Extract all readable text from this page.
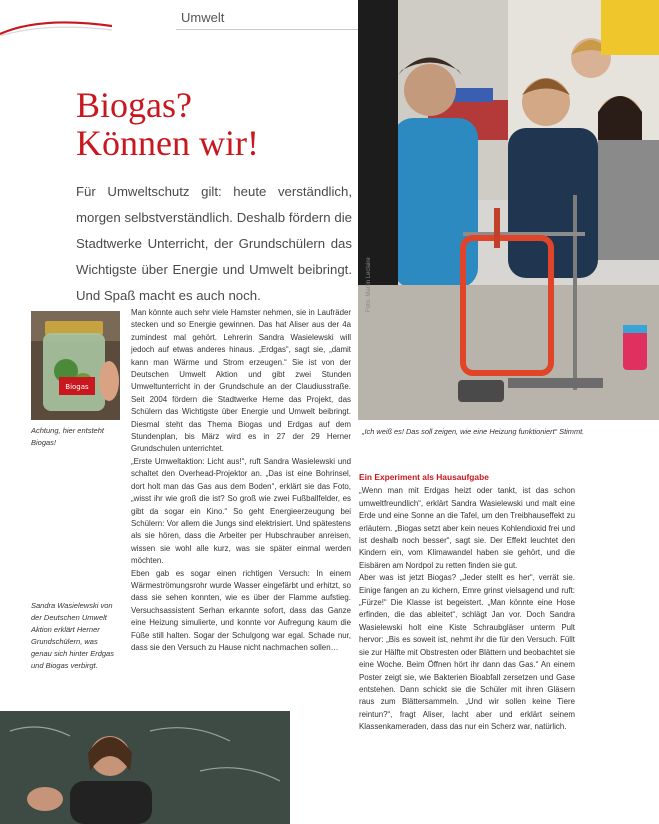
Umwelt
Biogas?
Können wir!
Für Umweltschutz gilt: heute verständlich, morgen selbstverständlich. Deshalb fördern die Stadtwerke Unterricht, der Grundschülern das Wichtigste über Energie und Umwelt beibringt. Und Spaß macht es auch noch.	Foto: Martin Leclaire
„Ich weiß es! Das soll zeigen, wie eine Heizung funktioniert“ Stimmt.
Biogas
Achtung, hier entsteht Biogas!
Sandra Wasielewski von der Deutschen Umwelt Aktion erklärt Herner Grundschülern, was genau sich hinter Erdgas und Biogas verbirgt.

Man könnte auch sehr viele Hamster nehmen, sie in Laufräder stecken und so Energie gewinnen. Das hat Aliser aus der 4a zumindest mal gehört. Lehrerin Sandra Wasielewski will jedoch auf etwas anderes hinaus. „Erdgas“, sagt sie, „damit kann man Wärme und Strom erzeugen.“ Sie ist von der Deutschen Umwelt Aktion und gibt zwei Stunden Umweltunterricht in der Grundschule an der Claudiusstraße. Seit 2004 fördern die Stadtwerke Herne das Projekt, das Schülern das Wichtigste über Energie und Umwelt beibringt. Diesmal steht das Thema Biogas und Erdgas auf dem Stundenplan, bis März wird es in 27 der 29 Herner Grundschulen unterrichtet.

„Erste Umweltaktion: Licht aus!“, ruft Sandra Wasielewski und schaltet den Overhead-Projektor an. „Das ist eine Bohrinsel, dort holt man das Gas aus dem Boden“, erklärt sie das Foto, „wisst ihr wie groß die ist? So groß wie zwei Fußballfelder, es gibt da sogar ein Kino.“ So geht Energieerzeugung bei Schülern: Vor allem die Jungs sind elektrisiert. Und spätestens als sie hören, dass die Arbeiter per Hubschrauber anreisen, wissen sie wohl alle kurz, was sie später einmal werden möchten.

Eben gab es sogar einen richtigen Versuch: In einem Wärmeströmungsrohr wurde Wasser eingefärbt und erhitzt, so dass sie sehen konnten, wie es über der Flamme aufstieg. Versuchsassistent Serhan erkannte sofort, dass das Ganze eine Heizung simulierte, und konnte vor Aufregung kaum die Füße still halten. Sogar der Schulgong war egal. Schade nur, dass sie den Versuch zu Hause nicht nachmachen sollen…

Ein Experiment als Hausaufgabe

„Wenn man mit Erdgas heizt oder tankt, ist das schon umweltfreundlich“, erklärt Sandra Wasielewski und malt eine Erde und eine Sonne an die Tafel, um den Treibhauseffekt zu erläutern. „Biogas setzt aber kein neues Kohlendioxid frei und ist deshalb noch besser“, sagt sie. Der Effekt leuchtet den Kindern ein, vom Klimawandel haben sie gehört, und die Eisbären am Nordpol zu retten finden sie gut.

Aber was ist jetzt Biogas? „Jeder stellt es her“, verrät sie. Einige fangen an zu kichern, Emre grinst vielsagend und ruft: „Fürze!“ Die Klasse ist begeistert. „Man könnte eine Hose erfinden, die das ableitet“, schlägt Jan vor. Doch Sandra Wasielewski holt eine Kiste Schraubgläser unterm Pult hervor: „Bis es soweit ist, nehmt ihr die für den Versuch. Füllt sie zur Hälfte mit Obstresten oder Blättern und beobachtet sie eine Woche. Beim Öffnen hört ihr dann das Gas.“ An einem Poster zeigt sie, wie Bakterien Bioabfall zersetzen und Gase entstehen. Dann schickt sie die Schüler mit ihren Gläsern raus zum Blättersammeln. „Und wir sollen keine Tiere reintun?“, fragt Aliser, lacht aber und erklärt seinem Klassenkameraden, dass das nur ein Scherz war, natürlich.
